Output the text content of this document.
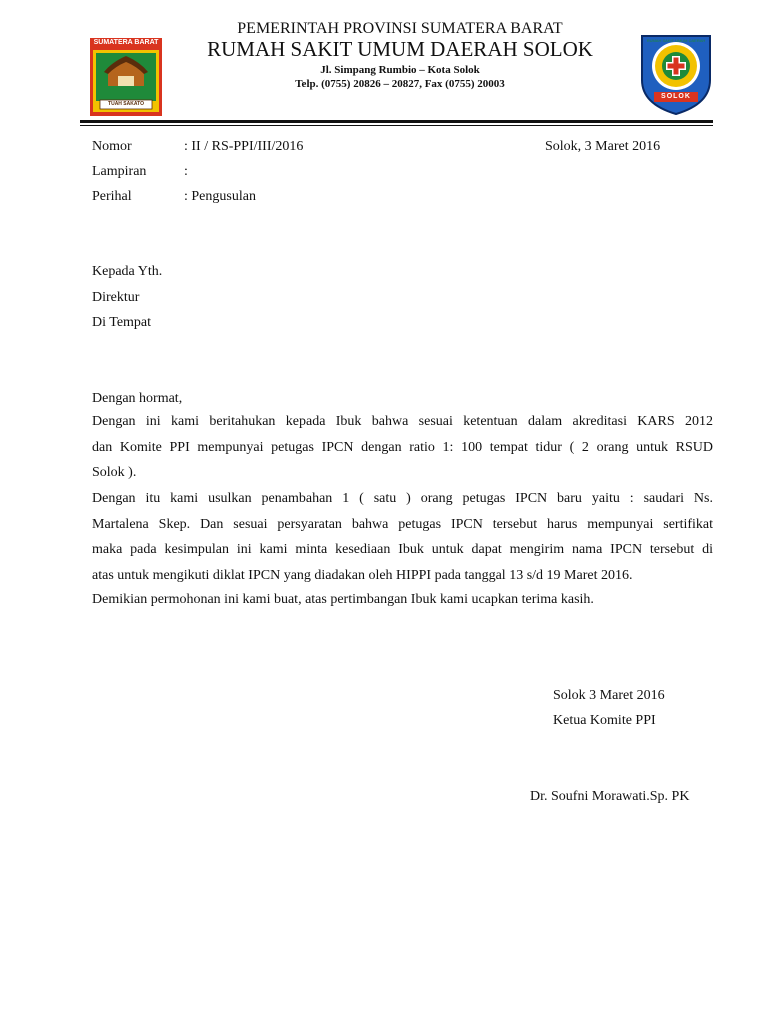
SUMATERA BARAT
TUAH SAKATO
RUMAH SAKIT UMUM DAERAH
SOLOK
PEMERINTAH PROVINSI SUMATERA BARAT
RUMAH SAKIT UMUM DAERAH SOLOK
Jl. Simpang Rumbio – Kota Solok
Telp. (0755) 20826 – 20827, Fax (0755) 20003
Nomor	: II / RS-PPI/III/2016	Solok, 3 Maret 2016
Lampiran	:
Perihal	: Pengusulan
Kepada Yth.
Direktur
Di Tempat
Dengan hormat,
Dengan ini kami beritahukan kepada Ibuk bahwa sesuai ketentuan dalam akreditasi KARS 2012
dan Komite PPI mempunyai petugas IPCN dengan ratio 1: 100 tempat tidur ( 2 orang untuk RSUD
Solok ).
Dengan itu kami usulkan penambahan 1 ( satu ) orang petugas IPCN baru yaitu : saudari Ns.
Martalena Skep. Dan sesuai persyaratan bahwa petugas IPCN tersebut harus mempunyai sertifikat
maka pada kesimpulan ini kami minta kesediaan Ibuk untuk dapat mengirim nama IPCN tersebut di
atas untuk mengikuti diklat IPCN yang diadakan oleh HIPPI pada tanggal 13 s/d 19 Maret 2016.
Demikian permohonan ini kami buat, atas pertimbangan Ibuk kami ucapkan terima kasih.
Solok 3 Maret 2016
Ketua Komite PPI
Dr. Soufni Morawati.Sp. PK
